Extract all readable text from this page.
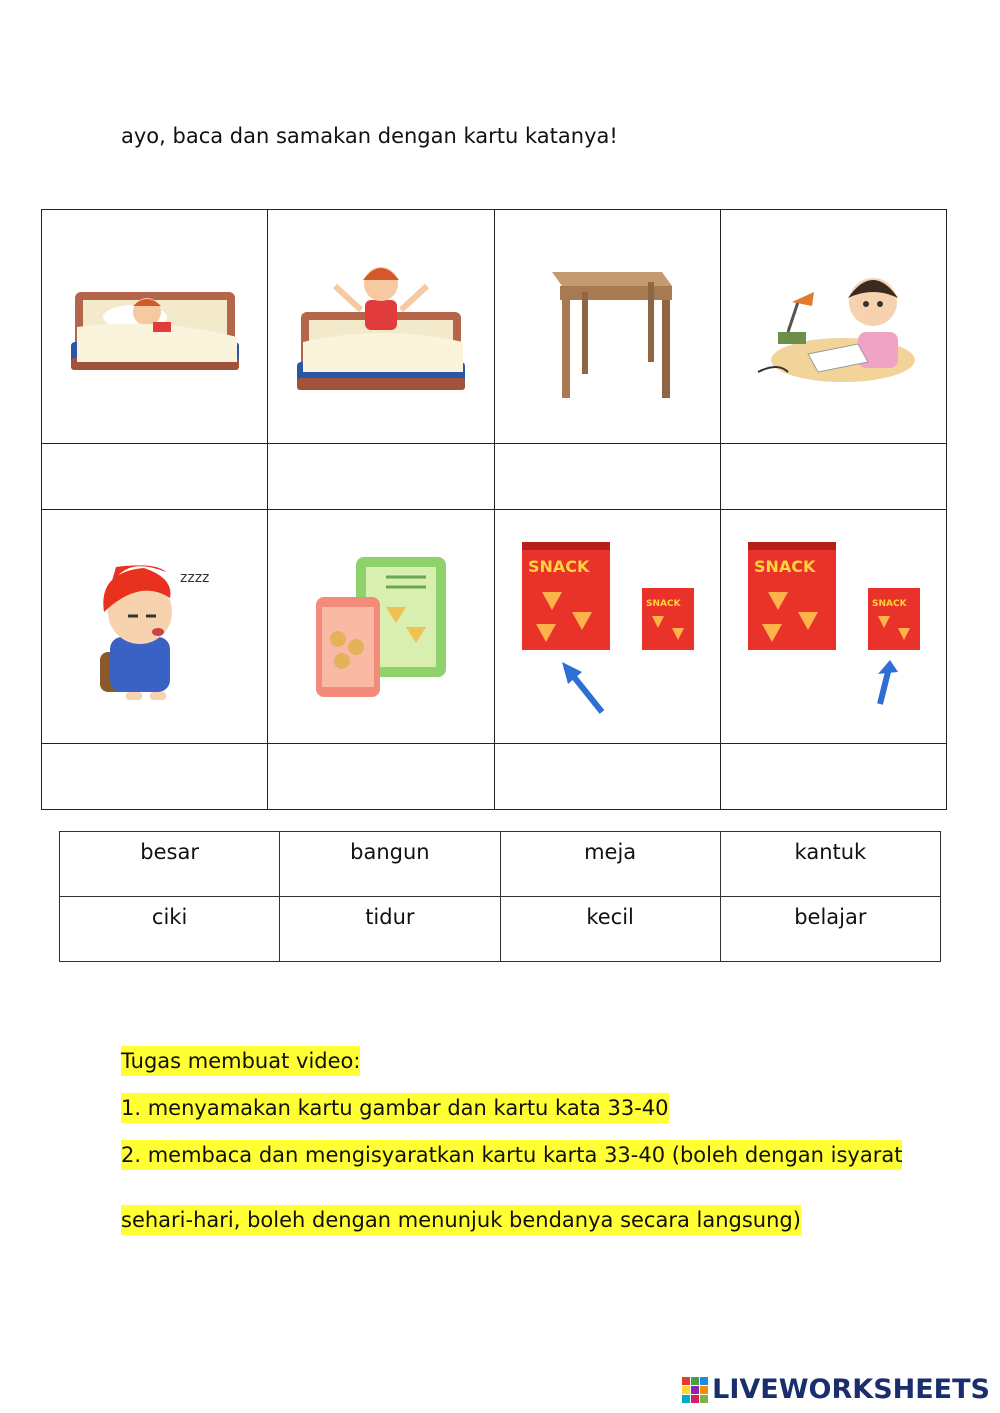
ayo, baca dan samakan dengan kartu katanya!

zzzz		SNACK
SNACK	SNACK
SNACK

besar	bangun	meja	kantuk
ciki	tidur	kecil	belajar
Tugas membuat video:
1. menyamakan kartu gambar dan kartu kata 33-40
2. membaca dan mengisyaratkan kartu karta 33-40 (boleh dengan isyarat
sehari-hari, boleh dengan menunjuk bendanya secara langsung)
LIVEWORKSHEETS
